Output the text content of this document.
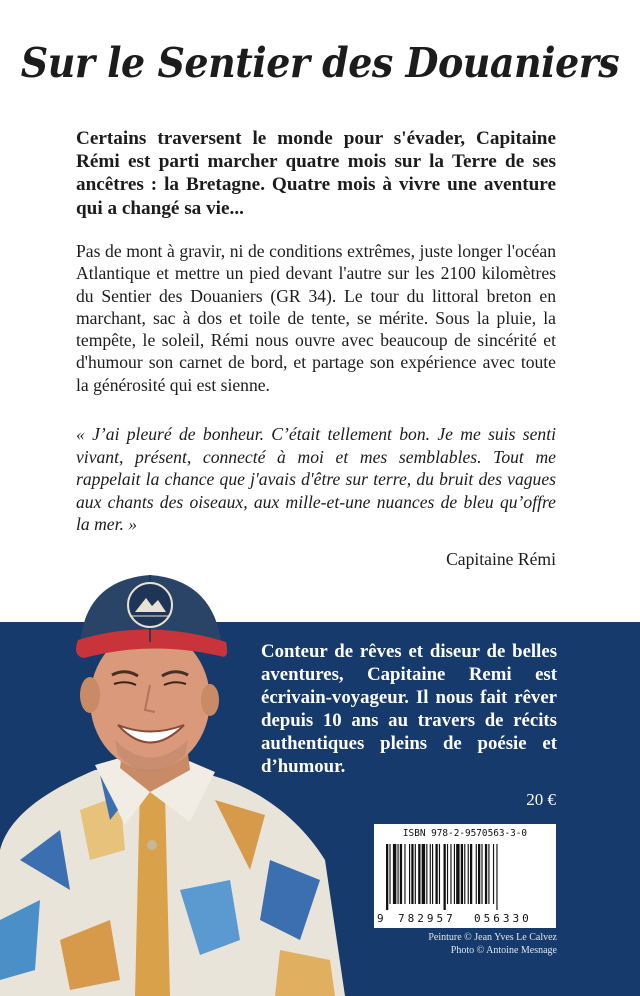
Sur le Sentier des Douaniers
Certains traversent le monde pour s'évader, Capitaine Rémi est parti marcher quatre mois sur la Terre de ses ancêtres : la Bretagne. Quatre mois à vivre une aventure qui a changé sa vie...
Pas de mont à gravir, ni de conditions extrêmes, juste longer l'océan Atlantique et mettre un pied devant l'autre sur les 2100 kilomètres du Sentier des Douaniers (GR 34). Le tour du littoral breton en marchant, sac à dos et toile de tente, se mérite. Sous la pluie, la tempête, le soleil, Rémi nous ouvre avec beaucoup de sincérité et d'humour son carnet de bord, et partage son expérience avec toute la générosité qui est sienne.
« J’ai pleuré de bonheur. C’était tellement bon. Je me suis senti vivant, présent, connecté à moi et mes semblables. Tout me rappelait la chance que j'avais d'être sur terre, du bruit des vagues aux chants des oiseaux, aux mille-et-une nuances de bleu qu’offre la mer. »
Capitaine Rémi
Conteur de rêves et diseur de belles aventures, Capitaine Remi est écrivain-voyageur. Il nous fait rêver depuis 10 ans au travers de récits authentiques pleins de poésie et d’humour.
20 €
ISBN 978-2-9570563-3-0
9 782957 056330
Peinture © Jean Yves Le Calvez
Photo © Antoine Mesnage
